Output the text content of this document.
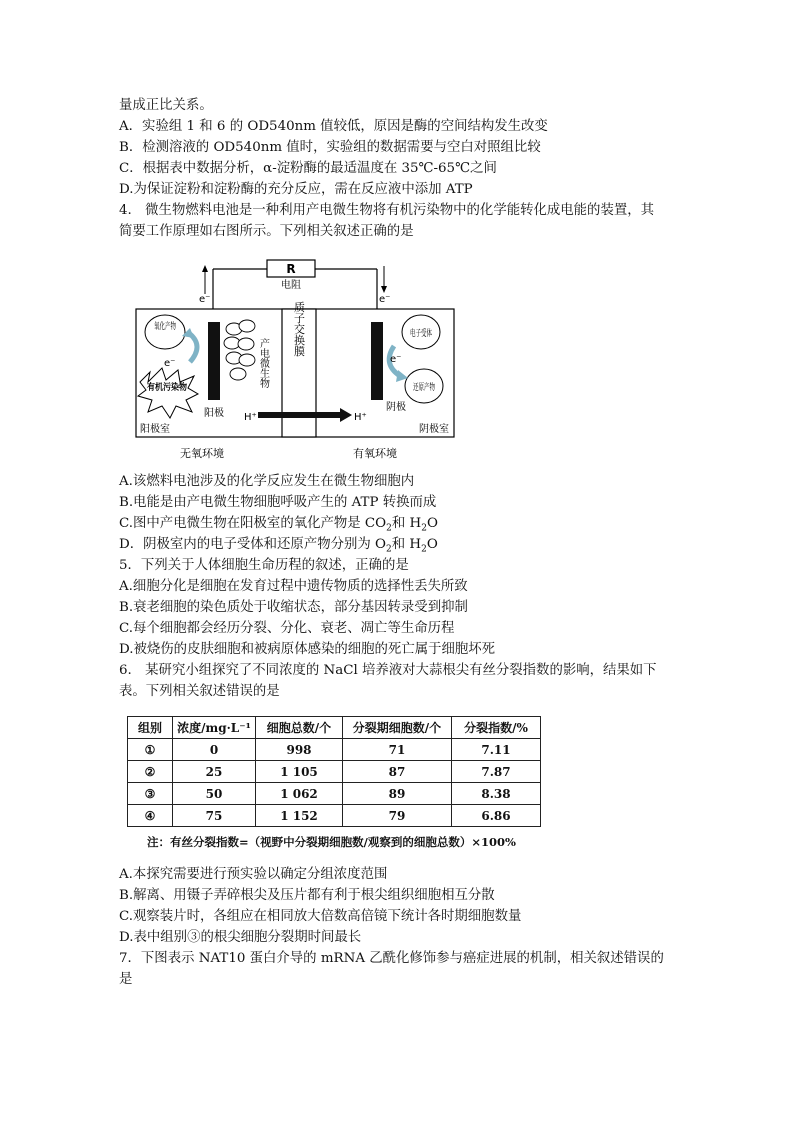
量成正比关系。
A．实验组 1 和 6 的 OD540nm 值较低，原因是酶的空间结构发生改变
B．检测溶液的 OD540nm 值时，实验组的数据需要与空白对照组比较
C．根据表中数据分析，α-淀粉酶的最适温度在 35℃-65℃之间
D.为保证淀粉和淀粉酶的充分反应，需在反应液中添加 ATP
4.　微生物燃料电池是一种利用产电微生物将有机污染物中的化学能转化成电能的装置，其
简要工作原理如右图所示。下列相关叙述正确的是
R
电阻
e⁻	e⁻
质子交换膜
氧化产物
有机污染物
e⁻	产电微生物
阳极
阳极室
H⁺	H⁺
电子受体
还原产物
e⁻
阴极
阴极室
无氧环境	有氧环境
A.该燃料电池涉及的化学反应发生在微生物细胞内
B.电能是由产电微生物细胞呼吸产生的 ATP 转换而成
C.图中产电微生物在阳极室的氧化产物是 $CO_2$和 $H_2O$
D．阴极室内的电子受体和还原产物分别为 $O_2$和 $H_2O$
5．下列关于人体细胞生命历程的叙述，正确的是
A.细胞分化是细胞在发育过程中遗传物质的选择性丢失所致
B.衰老细胞的染色质处于收缩状态，部分基因转录受到抑制
C.每个细胞都会经历分裂、分化、衰老、凋亡等生命历程
D.被烧伤的皮肤细胞和被病原体感染的细胞的死亡属于细胞坏死
6.　某研究小组探究了不同浓度的 NaCl 培养液对大蒜根尖有丝分裂指数的影响，结果如下
表。下列相关叙述错误的是
组别	浓度/mg·L⁻¹	细胞总数/个	分裂期细胞数/个	分裂指数/%
①	0	998	71	7.11
②	25	1 105	87	7.87
③	50	1 062	89	8.38
④	75	1 152	79	6.86
注：有丝分裂指数=（视野中分裂期细胞数/观察到的细胞总数）×100%
A.本探究需要进行预实验以确定分组浓度范围
B.解离、用镊子弄碎根尖及压片都有利于根尖组织细胞相互分散
C.观察装片时，各组应在相同放大倍数高倍镜下统计各时期细胞数量
D.表中组别③的根尖细胞分裂期时间最长
7．下图表示 NAT10 蛋白介导的 mRNA 乙酰化修饰参与癌症进展的机制，相关叙述错误的
是
